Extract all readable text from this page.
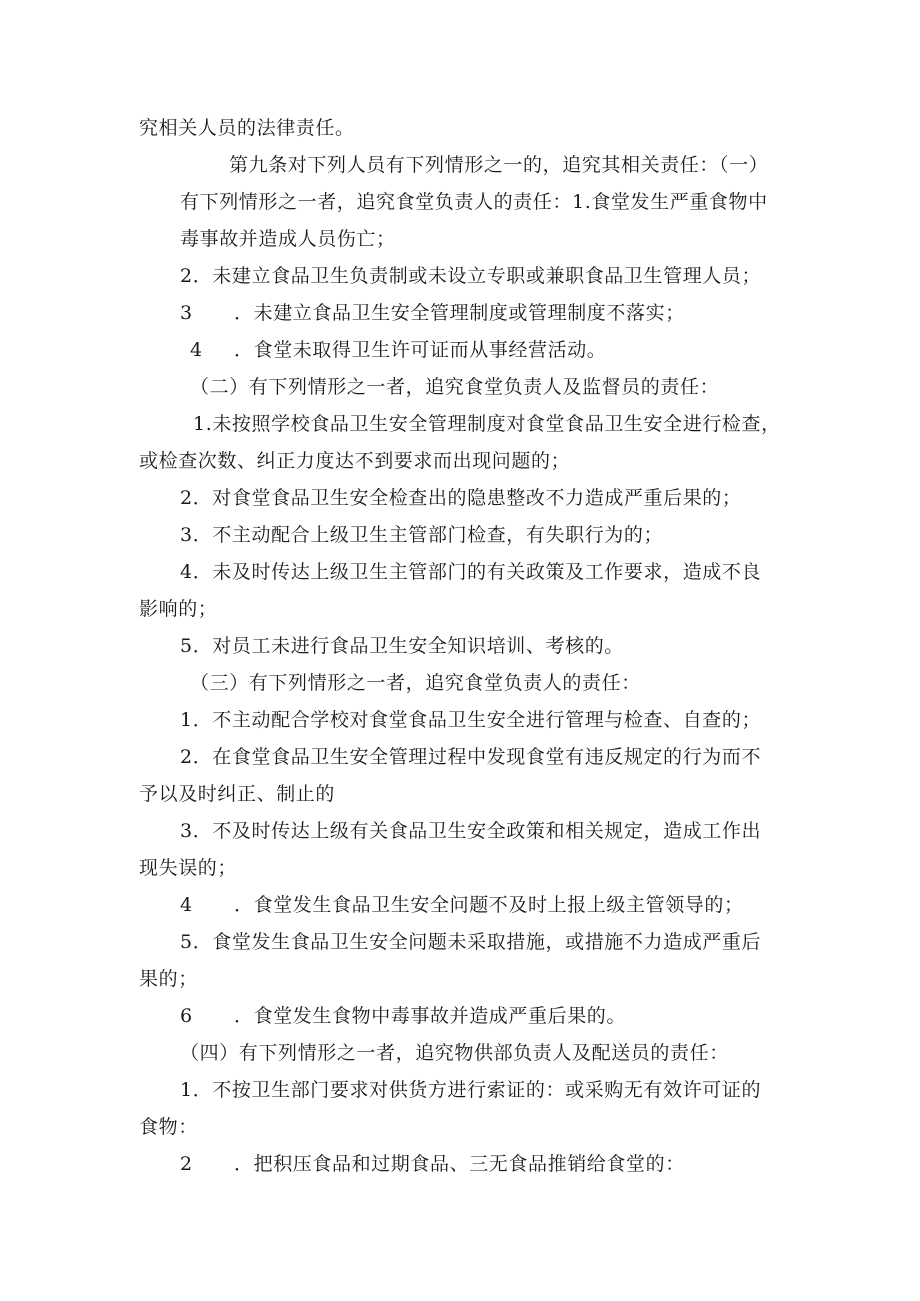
究相关人员的法律责任。

第九条对下列人员有下列情形之一的，追究其相关责任：（一）

有下列情形之一者，追究食堂负责人的责任：1.食堂发生严重食物中

毒事故并造成人员伤亡；

2．未建立食品卫生负责制或未设立专职或兼职食品卫生管理人员；

3 ．未建立食品卫生安全管理制度或管理制度不落实；

4 ．食堂未取得卫生许可证而从事经营活动。

（二）有下列情形之一者，追究食堂负责人及监督员的责任：

1.未按照学校食品卫生安全管理制度对食堂食品卫生安全进行检查，

或检查次数、纠正力度达不到要求而出现问题的；

2．对食堂食品卫生安全检查出的隐患整改不力造成严重后果的；

3．不主动配合上级卫生主管部门检查，有失职行为的；

4．未及时传达上级卫生主管部门的有关政策及工作要求，造成不良

影响的；

5．对员工未进行食品卫生安全知识培训、考核的。

（三）有下列情形之一者，追究食堂负责人的责任：

1．不主动配合学校对食堂食品卫生安全进行管理与检查、自查的；

2．在食堂食品卫生安全管理过程中发现食堂有违反规定的行为而不

予以及时纠正、制止的

3．不及时传达上级有关食品卫生安全政策和相关规定，造成工作出

现失误的；

4 ．食堂发生食品卫生安全问题不及时上报上级主管领导的；

5．食堂发生食品卫生安全问题未采取措施，或措施不力造成严重后

果的；

6 ．食堂发生食物中毒事故并造成严重后果的。

（四）有下列情形之一者，追究物供部负责人及配送员的责任：

1．不按卫生部门要求对供货方进行索证的：或采购无有效许可证的

食物：

2 ．把积压食品和过期食品、三无食品推销给食堂的：
